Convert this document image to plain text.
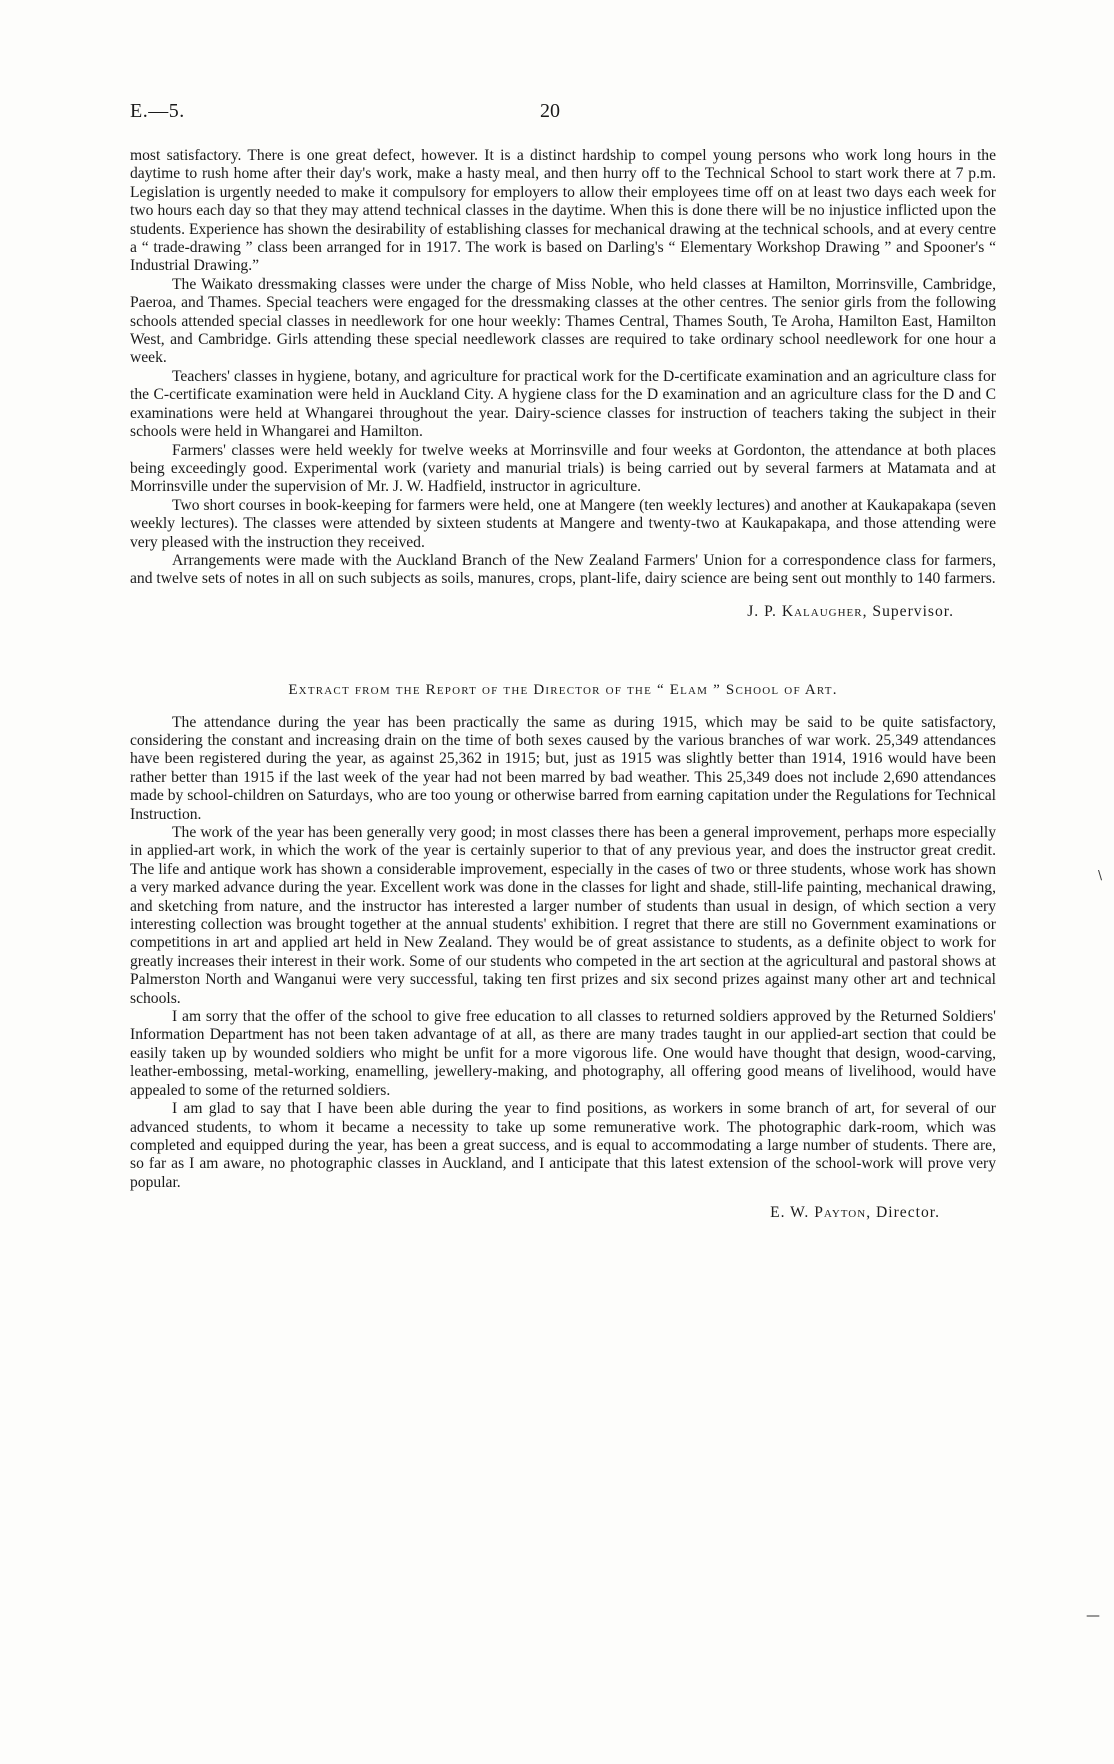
E.—5.	20

most satisfactory. There is one great defect, however. It is a distinct hardship to compel young persons who work long hours in the daytime to rush home after their day's work, make a hasty meal, and then hurry off to the Technical School to start work there at 7 p.m. Legislation is urgently needed to make it compulsory for employers to allow their employees time off on at least two days each week for two hours each day so that they may attend technical classes in the daytime. When this is done there will be no injustice inflicted upon the students. Experience has shown the desirability of establishing classes for mechanical drawing at the technical schools, and at every centre a “ trade-drawing ” class been arranged for in 1917. The work is based on Darling's “ Elementary Workshop Drawing ” and Spooner's “ Industrial Drawing.”

The Waikato dressmaking classes were under the charge of Miss Noble, who held classes at Hamilton, Morrinsville, Cambridge, Paeroa, and Thames. Special teachers were engaged for the dressmaking classes at the other centres. The senior girls from the following schools attended special classes in needlework for one hour weekly: Thames Central, Thames South, Te Aroha, Hamilton East, Hamilton West, and Cambridge. Girls attending these special needlework classes are required to take ordinary school needlework for one hour a week.

Teachers' classes in hygiene, botany, and agriculture for practical work for the D-certificate examination and an agriculture class for the C-certificate examination were held in Auckland City. A hygiene class for the D examination and an agriculture class for the D and C examinations were held at Whangarei throughout the year. Dairy-science classes for instruction of teachers taking the subject in their schools were held in Whangarei and Hamilton.

Farmers' classes were held weekly for twelve weeks at Morrinsville and four weeks at Gordonton, the attendance at both places being exceedingly good. Experimental work (variety and manurial trials) is being carried out by several farmers at Matamata and at Morrinsville under the supervision of Mr. J. W. Hadfield, instructor in agriculture.

Two short courses in book-keeping for farmers were held, one at Mangere (ten weekly lectures) and another at Kaukapakapa (seven weekly lectures). The classes were attended by sixteen students at Mangere and twenty-two at Kaukapakapa, and those attending were very pleased with the instruction they received.

Arrangements were made with the Auckland Branch of the New Zealand Farmers' Union for a correspondence class for farmers, and twelve sets of notes in all on such subjects as soils, manures, crops, plant-life, dairy science are being sent out monthly to 140 farmers.

J. P. Kalaugher, Supervisor.
Extract from the Report of the Director of the “ Elam ” School of Art.

The attendance during the year has been practically the same as during 1915, which may be said to be quite satisfactory, considering the constant and increasing drain on the time of both sexes caused by the various branches of war work. 25,349 attendances have been registered during the year, as against 25,362 in 1915; but, just as 1915 was slightly better than 1914, 1916 would have been rather better than 1915 if the last week of the year had not been marred by bad weather. This 25,349 does not include 2,690 attendances made by school-children on Saturdays, who are too young or otherwise barred from earning capitation under the Regulations for Technical Instruction.

The work of the year has been generally very good; in most classes there has been a general improvement, perhaps more especially in applied-art work, in which the work of the year is certainly superior to that of any previous year, and does the instructor great credit. The life and antique work has shown a considerable improvement, especially in the cases of two or three students, whose work has shown a very marked advance during the year. Excellent work was done in the classes for light and shade, still-life painting, mechanical drawing, and sketching from nature, and the instructor has interested a larger number of students than usual in design, of which section a very interesting collection was brought together at the annual students' exhibition. I regret that there are still no Government examinations or competitions in art and applied art held in New Zealand. They would be of great assistance to students, as a definite object to work for greatly increases their interest in their work. Some of our students who competed in the art section at the agricultural and pastoral shows at Palmerston North and Wanganui were very successful, taking ten first prizes and six second prizes against many other art and technical schools.

I am sorry that the offer of the school to give free education to all classes to returned soldiers approved by the Returned Soldiers' Information Department has not been taken advantage of at all, as there are many trades taught in our applied-art section that could be easily taken up by wounded soldiers who might be unfit for a more vigorous life. One would have thought that design, wood-carving, leather-embossing, metal-working, enamelling, jewellery-making, and photography, all offering good means of livelihood, would have appealed to some of the returned soldiers.

I am glad to say that I have been able during the year to find positions, as workers in some branch of art, for several of our advanced students, to whom it became a necessity to take up some remunerative work. The photographic dark-room, which was completed and equipped during the year, has been a great success, and is equal to accommodating a large number of students. There are, so far as I am aware, no photographic classes in Auckland, and I anticipate that this latest extension of the school-work will prove very popular.

E. W. Payton, Director.
\
—
